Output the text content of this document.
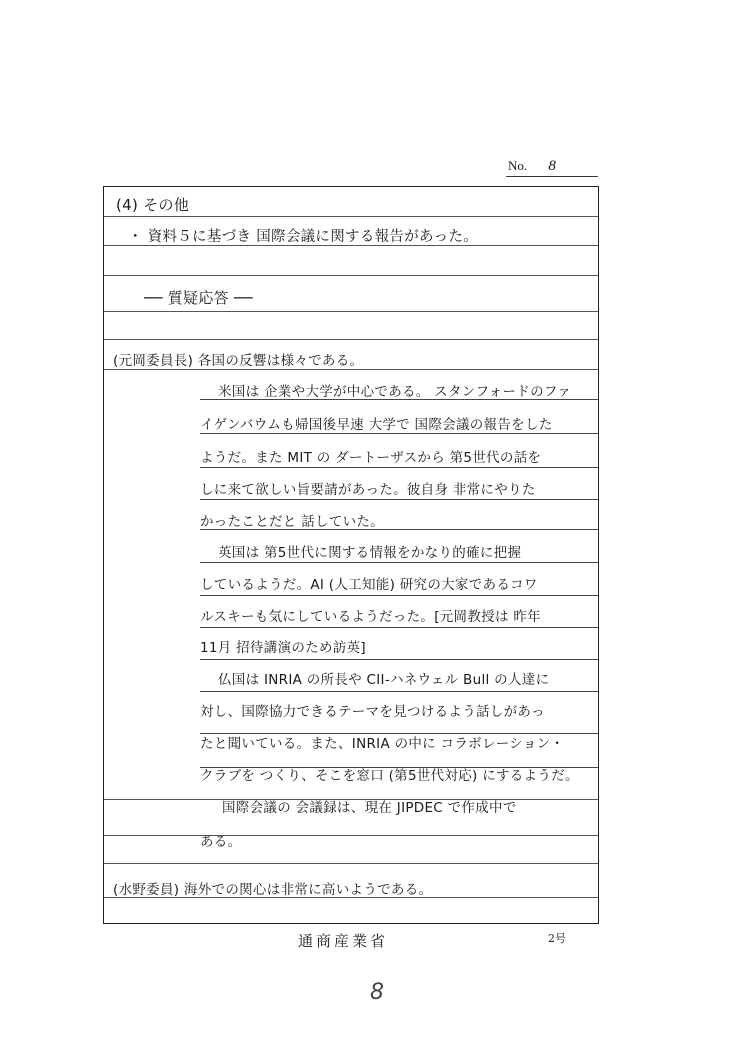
No. 8
(4) その他
・ 資料５に基づき 国際会議に関する報告があった。
── 質疑応答 ──
(元岡委員長) 各国の反響は様々である。
米国は 企業や大学が中心である。 スタンフォードのファ
イゲンバウムも帰国後早速 大学で 国際会議の報告をした
ようだ。また MIT の ダートーザスから 第5世代の話を
しに来て欲しい旨要請があった。彼自身 非常にやりた
かったことだと 話していた。
英国は 第5世代に関する情報をかなり的確に把握
しているようだ。AI (人工知能) 研究の大家であるコワ
ルスキーも気にしているようだった。[元岡教授は 昨年
11月 招待講演のため訪英]
仏国は INRIA の所長や CII-ハネウェル Bull の人達に
対し、国際協力できるテーマを見つけるよう話しがあっ
たと聞いている。また、INRIA の中に コラボレーション・
クラブを つくり、そこを窓口 (第5世代対応) にするようだ。
国際会議の 会議録は、現在 JIPDEC で作成中で
ある。
(水野委員) 海外での関心は非常に高いようである。
通商産業省	2号
8
